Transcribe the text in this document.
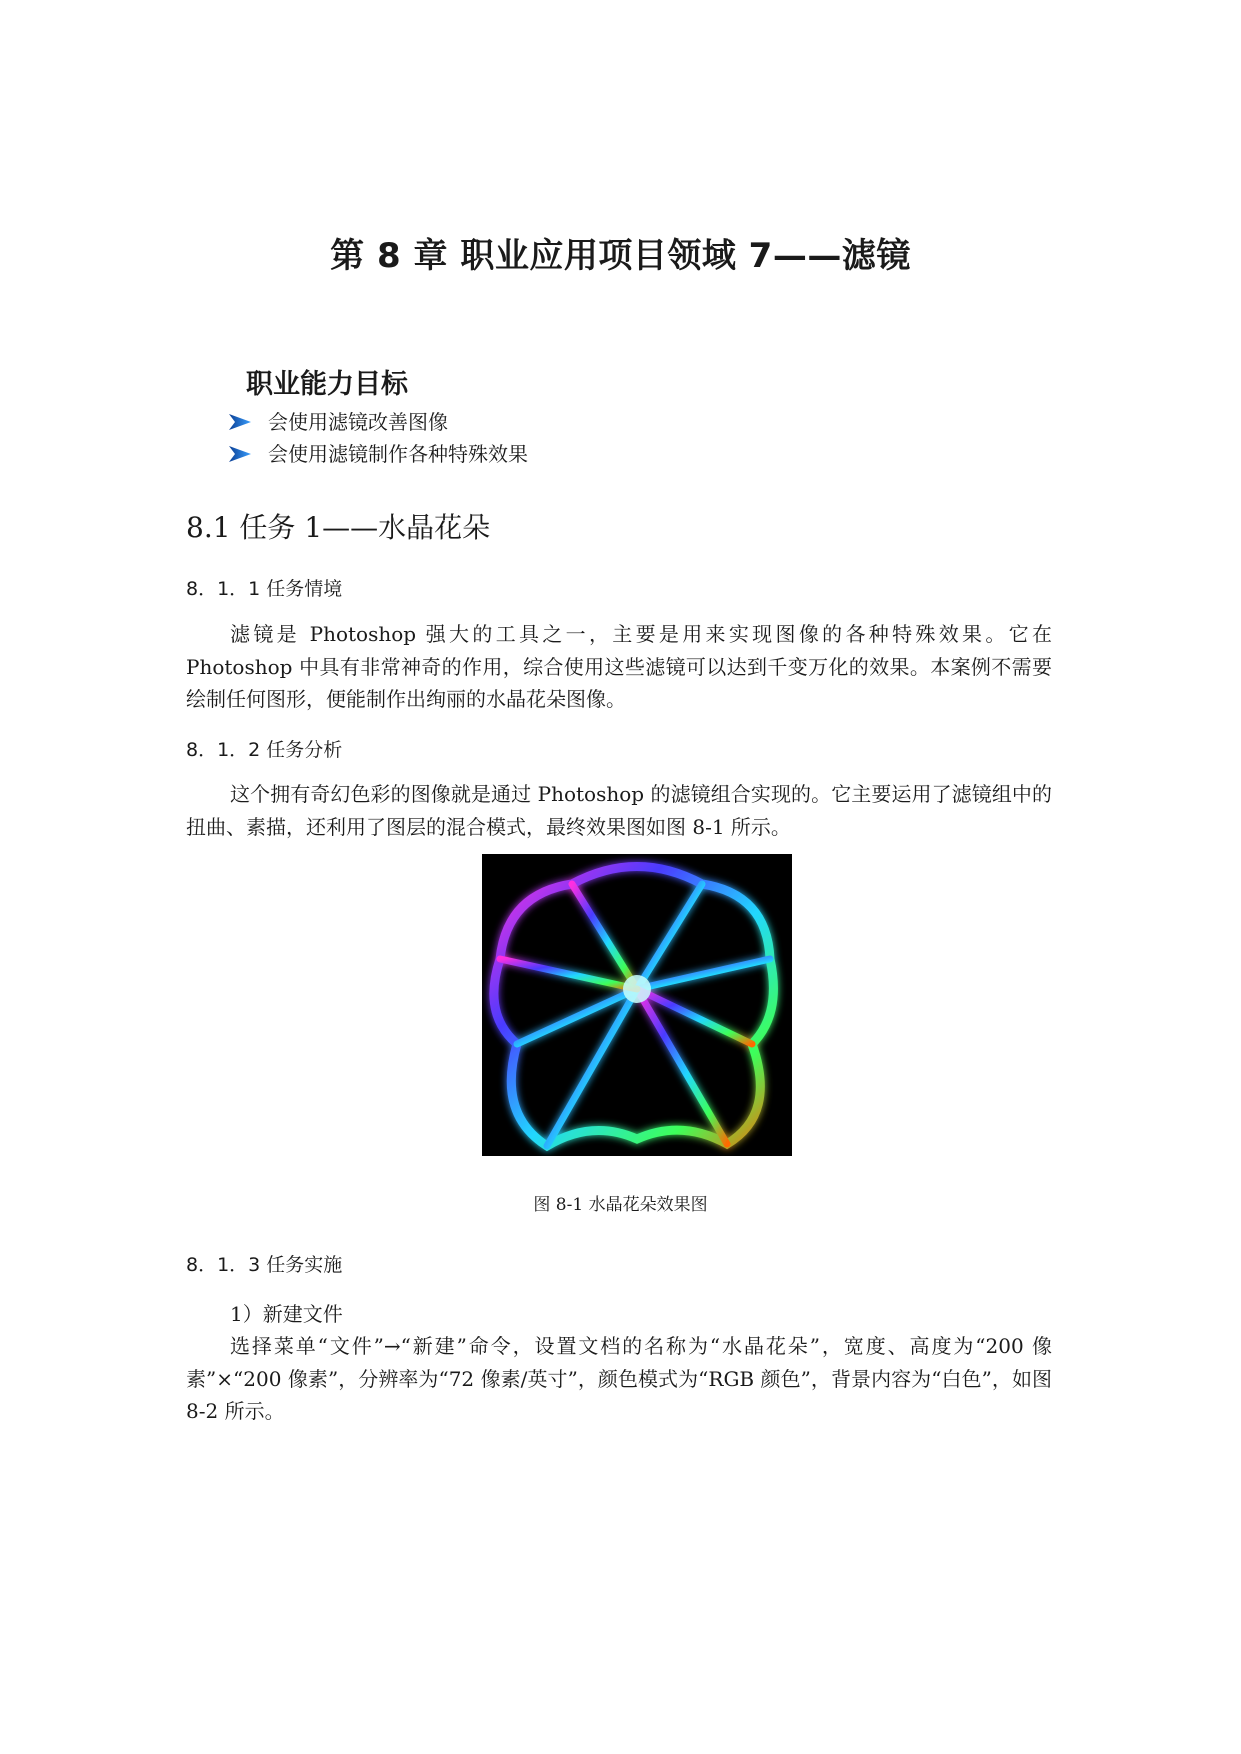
第 8 章 职业应用项目领域 7——滤镜
职业能力目标
会使用滤镜改善图像
会使用滤镜制作各种特殊效果
8.1 任务 1——水晶花朵
8．1．1 任务情境
滤镜是 Photoshop 强大的工具之一，主要是用来实现图像的各种特殊效果。它在 Photoshop 中具有非常神奇的作用，综合使用这些滤镜可以达到千变万化的效果。本案例不需要绘制任何图形，便能制作出绚丽的水晶花朵图像。
8．1．2 任务分析
这个拥有奇幻色彩的图像就是通过 Photoshop 的滤镜组合实现的。它主要运用了滤镜组中的扭曲、素描，还利用了图层的混合模式，最终效果图如图 8-1 所示。
图 8-1 水晶花朵效果图
8．1．3 任务实施
1）新建文件
选择菜单“文件”→“新建”命令，设置文档的名称为“水晶花朵”，宽度、高度为“200 像素”×“200 像素”，分辨率为“72 像素/英寸”，颜色模式为“RGB 颜色”，背景内容为“白色”，如图 8-2 所示。
